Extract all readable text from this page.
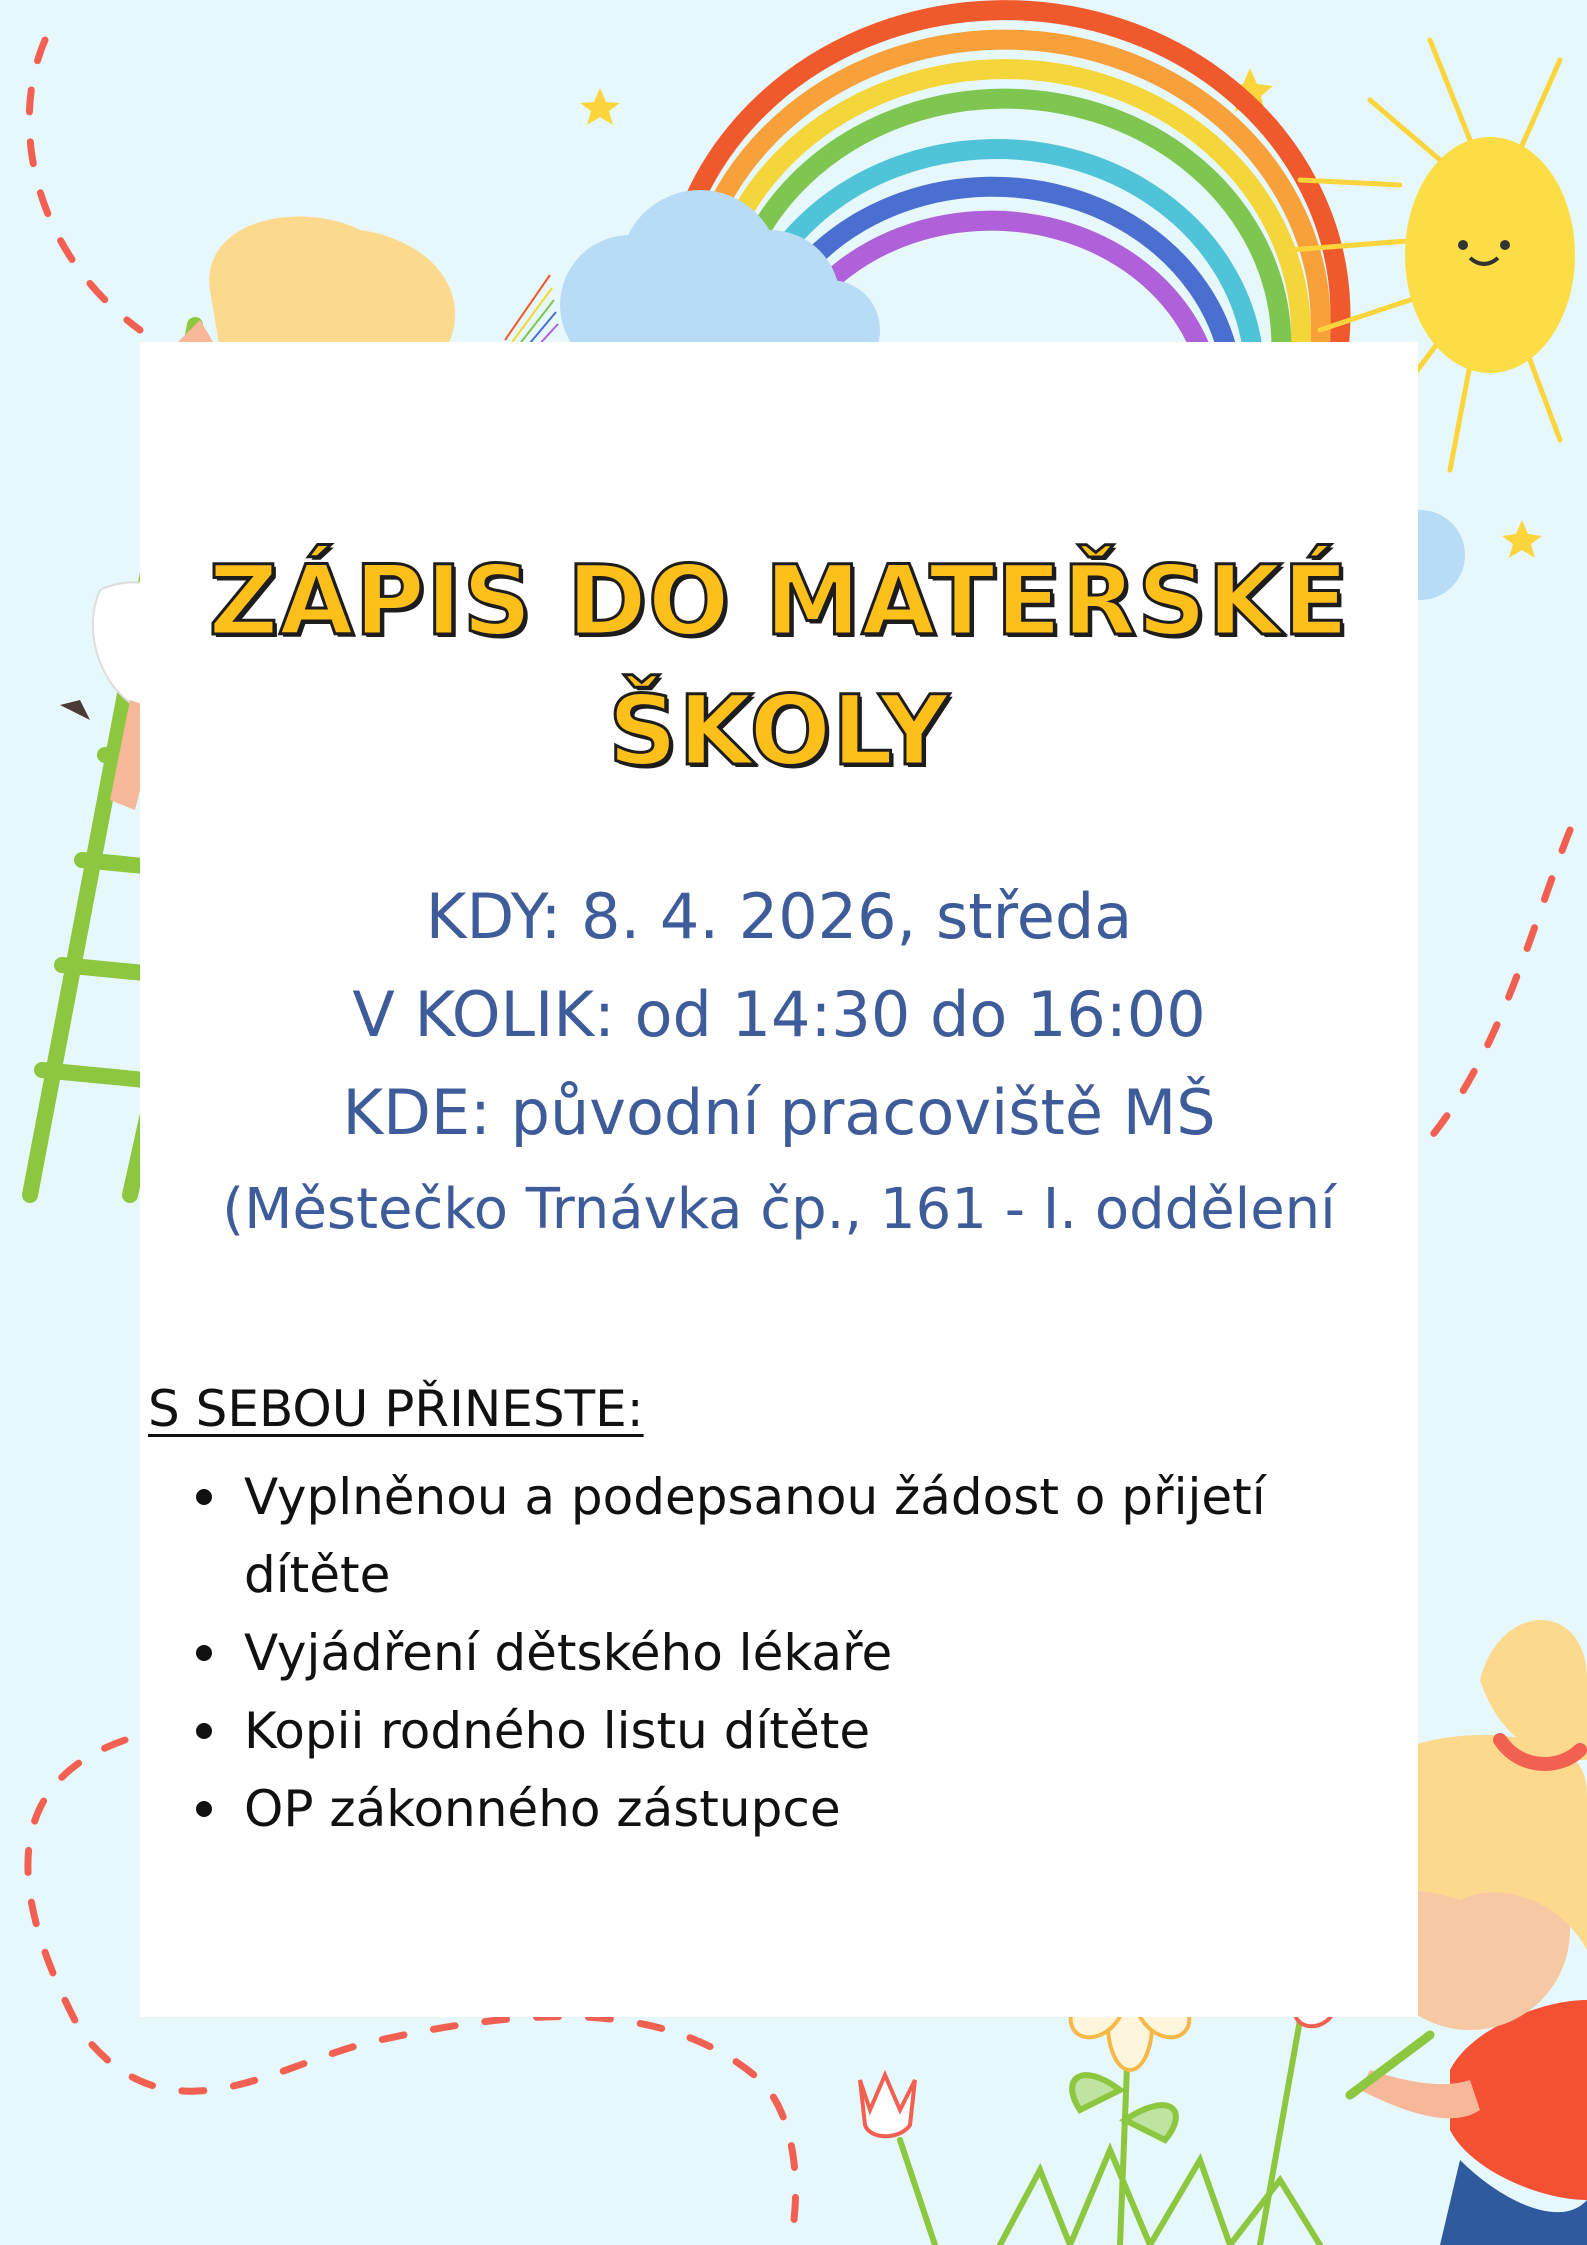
ZÁPIS DO MATEŘSKÉ
ŠKOLY
KDY: 8. 4. 2026, středa
V KOLIK: od 14:30 do 16:00
KDE: původní pracoviště MŠ
(Městečko Trnávka čp., 161 - I. oddělení
S SEBOU PŘINESTE:
Vyplněnou a podepsanou žádost o přijetí dítěte
Vyjádření dětského lékaře
Kopii rodného listu dítěte
OP zákonného zástupce
